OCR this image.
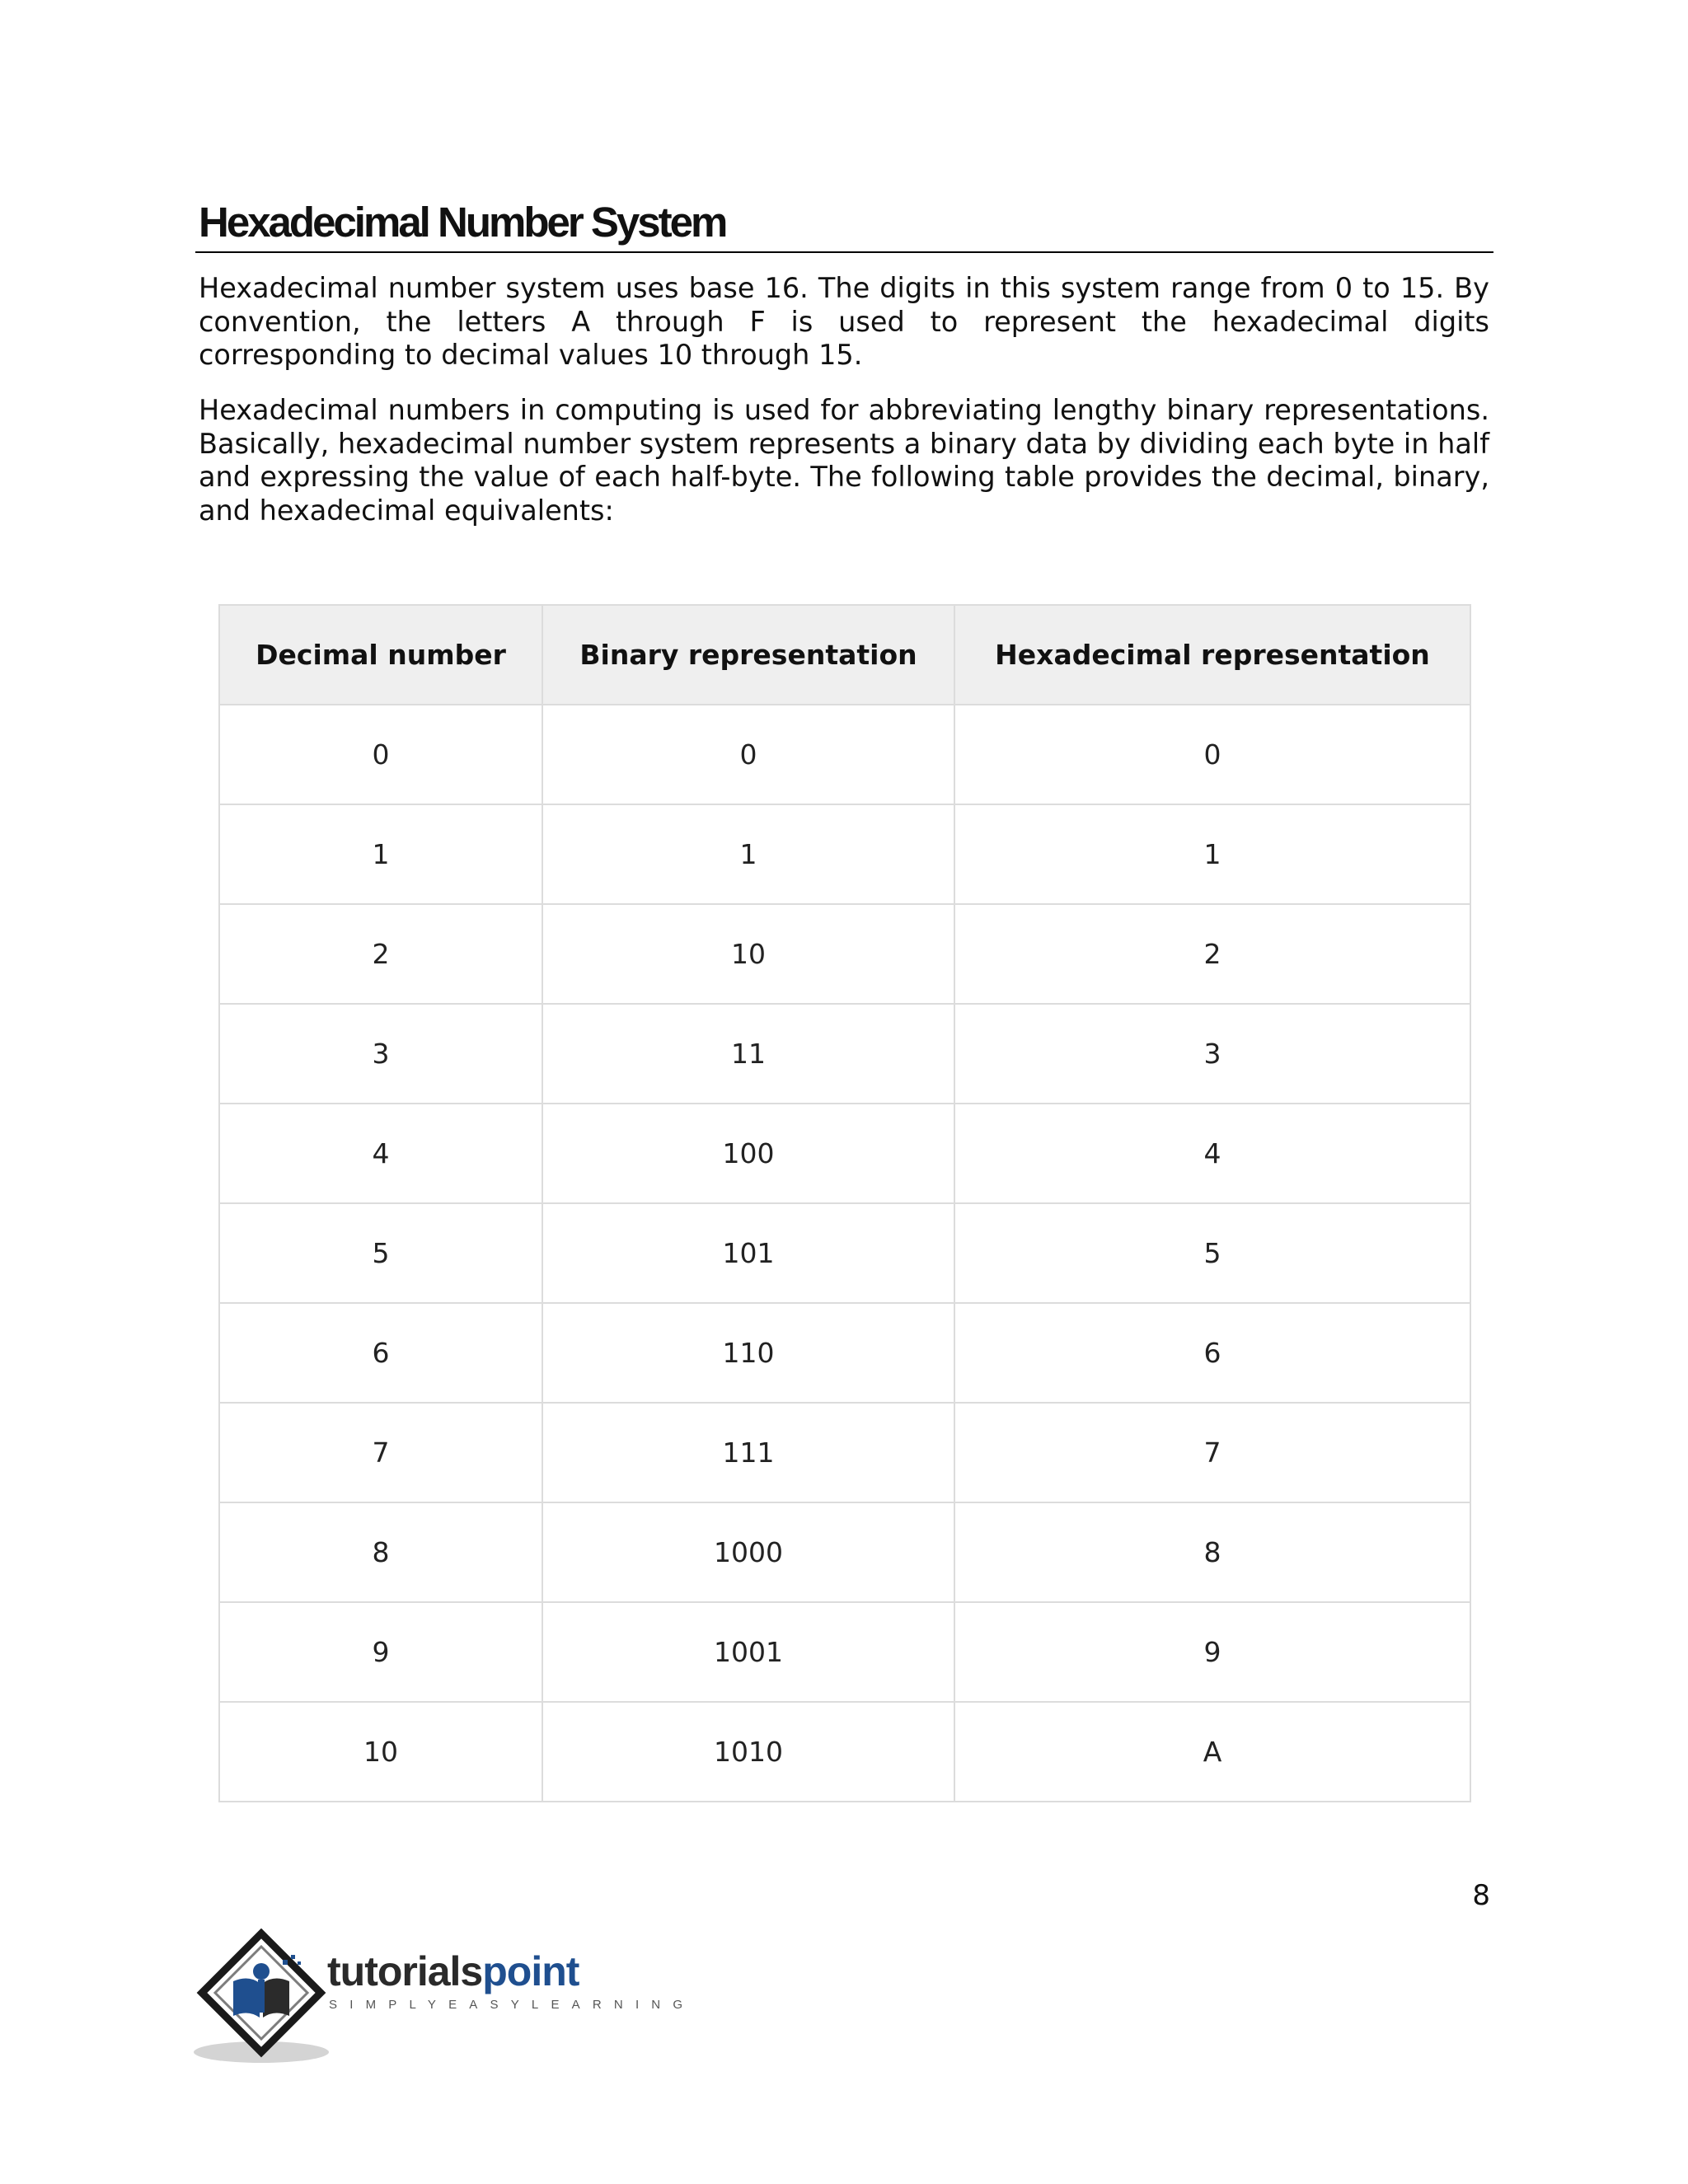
Hexadecimal Number System

Hexadecimal number system uses base 16. The digits in this system range from 0 to 15. By convention, the letters A through F is used to represent the hexadecimal digits corresponding to decimal values 10 through 15.

Hexadecimal numbers in computing is used for abbreviating lengthy binary representations. Basically, hexadecimal number system represents a binary data by dividing each byte in half and expressing the value of each half-byte. The following table provides the decimal, binary, and hexadecimal equivalents:

Decimal number	Binary representation	Hexadecimal representation
0	0	0
1	1	1
2	10	2
3	11	3
4	100	4
5	101	5
6	110	6
7	111	7
8	1000	8
9	1001	9
10	1010	A
8
tutorialspoint
SIMPLYEASYLEARNING
